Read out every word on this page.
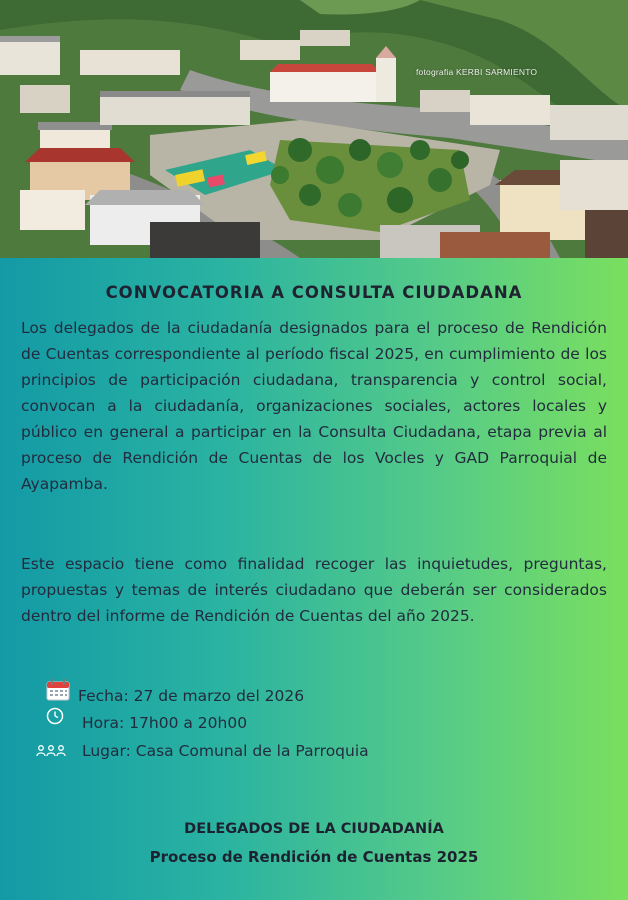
fotografia KERBI SARMIENTO
CONVOCATORIA A CONSULTA CIUDADANA

Los delegados de la ciudadanía designados para el proceso de Rendición de Cuentas correspondiente al período fiscal 2025, en cumplimiento de los principios de participación ciudadana, transparencia y control social, convocan a la ciudadanía, organizaciones sociales, actores locales y público en general a participar en la Consulta Ciudadana, etapa previa al proceso de Rendición de Cuentas de los Vocles y GAD Parroquial de Ayapamba.

Este espacio tiene como finalidad recoger las inquietudes, preguntas, propuestas y temas de interés ciudadano que deberán ser considerados dentro del informe de Rendición de Cuentas del año 2025.

Fecha: 27 de marzo del 2026
Hora: 17h00 a 20h00
Lugar: Casa Comunal de la Parroquia
DELEGADOS DE LA CIUDADANÍA
Proceso de Rendición de Cuentas 2025
